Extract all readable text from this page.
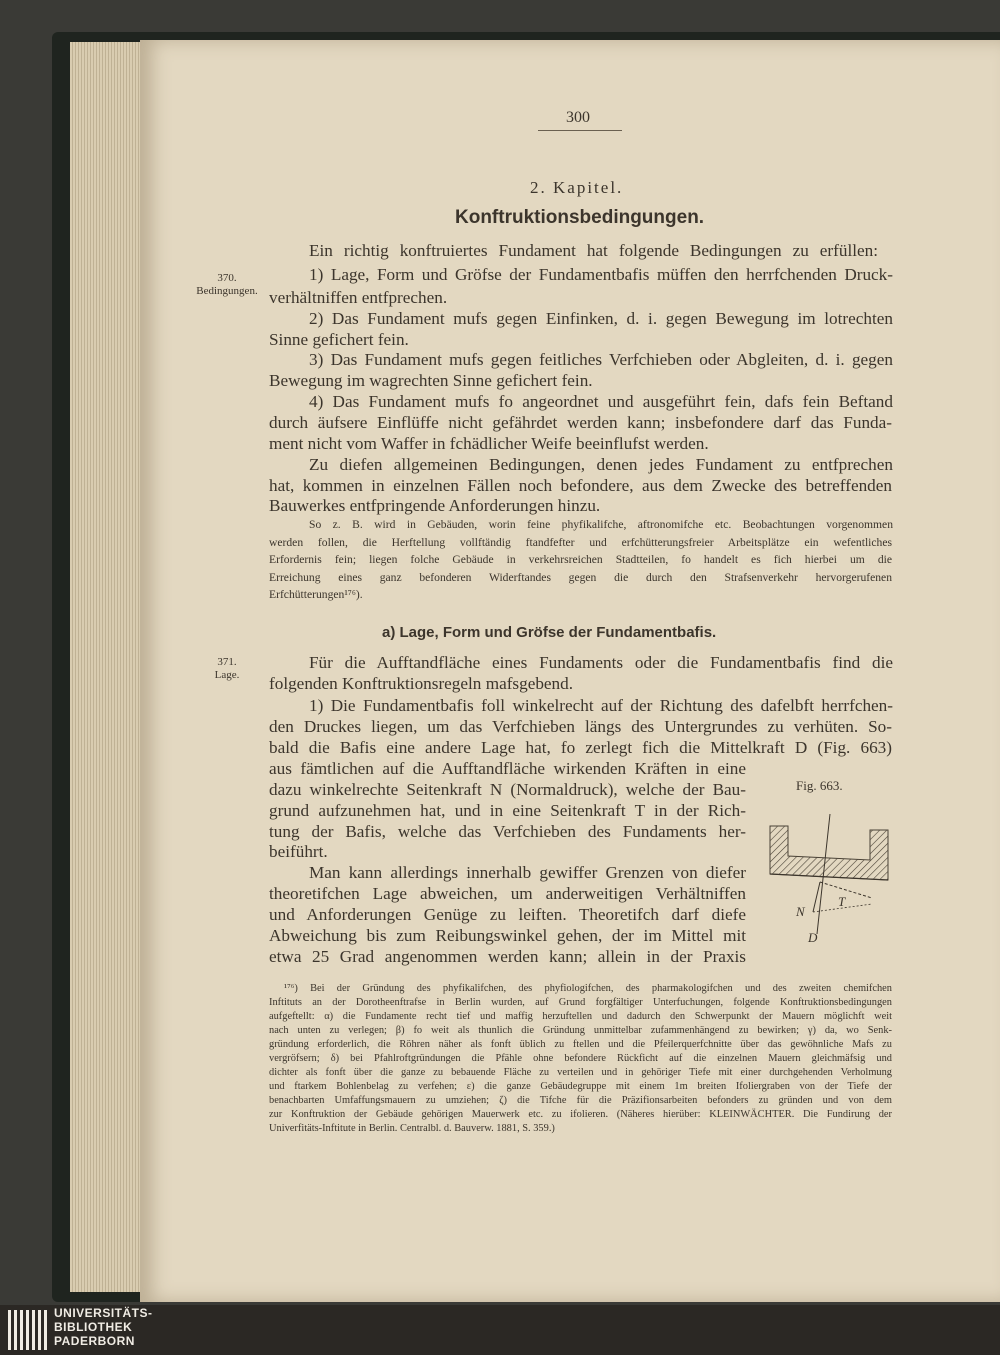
300
2. Kapitel.
Konftruktionsbedingungen.
370.
Bedingungen.
371.
Lage.
Ein richtig konftruiertes Fundament hat folgende Bedingungen zu erfüllen:
1) Lage, Form und Gröfse der Fundamentbafis müffen den herrfchenden Druck-
verhältniffen entfprechen.
2) Das Fundament mufs gegen Einfinken, d. i. gegen Bewegung im lotrechten
Sinne gefichert fein.
3) Das Fundament mufs gegen feitliches Verfchieben oder Abgleiten, d. i. gegen
Bewegung im wagrechten Sinne gefichert fein.
4) Das Fundament mufs fo angeordnet und ausgeführt fein, dafs fein Beftand
durch äufsere Einflüffe nicht gefährdet werden kann; insbefondere darf das Funda-
ment nicht vom Waffer in fchädlicher Weife beeinflufst werden.
Zu diefen allgemeinen Bedingungen, denen jedes Fundament zu entfprechen
hat, kommen in einzelnen Fällen noch befondere, aus dem Zwecke des betreffenden
Bauwerkes entfpringende Anforderungen hinzu.
So z. B. wird in Gebäuden, worin feine phyfikalifche, aftronomifche etc. Beobachtungen vorgenommen
werden follen, die Herftellung vollftändig ftandfefter und erfchütterungsfreier Arbeitsplätze ein wefentliches
Erfordernis fein; liegen folche Gebäude in verkehrsreichen Stadtteilen, fo handelt es fich hierbei um die
Erreichung eines ganz befonderen Widerftandes gegen die durch den Strafsenverkehr hervorgerufenen
Erfchütterungen¹⁷⁶).
a) Lage, Form und Gröfse der Fundamentbafis.
Für die Aufftandfläche eines Fundaments oder die Fundamentbafis find die
folgenden Konftruktionsregeln mafsgebend.
1) Die Fundamentbafis foll winkelrecht auf der Richtung des dafelbft herrfchen-
den Druckes liegen, um das Verfchieben längs des Untergrundes zu verhüten. So-
bald die Bafis eine andere Lage hat, fo zerlegt fich die Mittelkraft D (Fig. 663)
aus fämtlichen auf die Aufftandfläche wirkenden Kräften in eine
dazu winkelrechte Seitenkraft N (Normaldruck), welche der Bau-
grund aufzunehmen hat, und in eine Seitenkraft T in der Rich-
tung der Bafis, welche das Verfchieben des Fundaments her-
beiführt.
Man kann allerdings innerhalb gewiffer Grenzen von diefer
theoretifchen Lage abweichen, um anderweitigen Verhältniffen
und Anforderungen Genüge zu leiften. Theoretifch darf diefe
Abweichung bis zum Reibungswinkel gehen, der im Mittel mit
etwa 25 Grad angenommen werden kann; allein in der Praxis
Fig. 663.
N
T
D
¹⁷⁶) Bei der Gründung des phyfikalifchen, des phyfiologifchen, des pharmakologifchen und des zweiten chemifchen
Inftituts an der Dorotheenftrafse in Berlin wurden, auf Grund forgfältiger Unterfuchungen, folgende Konftruktionsbedingungen
aufgeftellt: α) die Fundamente recht tief und maffig herzuftellen und dadurch den Schwerpunkt der Mauern möglichft weit
nach unten zu verlegen; β) fo weit als thunlich die Gründung unmittelbar zufammenhängend zu bewirken; γ) da, wo Senk-
gründung erforderlich, die Röhren näher als fonft üblich zu ftellen und die Pfeilerquerfchnitte über das gewöhnliche Mafs zu
vergröfsern; δ) bei Pfahlroftgründungen die Pfähle ohne befondere Rückficht auf die einzelnen Mauern gleichmäfsig und
dichter als fonft über die ganze zu bebauende Fläche zu verteilen und in gehöriger Tiefe mit einer durchgehenden Verholmung
und ftarkem Bohlenbelag zu verfehen; ε) die ganze Gebäudegruppe mit einem 1m breiten Ifoliergraben von der Tiefe der
benachbarten Umfaffungsmauern zu umziehen; ζ) die Tifche für die Präzifionsarbeiten befonders zu gründen und von dem
zur Konftruktion der Gebäude gehörigen Mauerwerk etc. zu ifolieren. (Näheres hierüber: KLEINWÄCHTER. Die Fundirung der
Univerfitäts-Inftitute in Berlin. Centralbl. d. Bauverw. 1881, S. 359.)
UNIVERSITÄTS-
BIBLIOTHEK
PADERBORN
